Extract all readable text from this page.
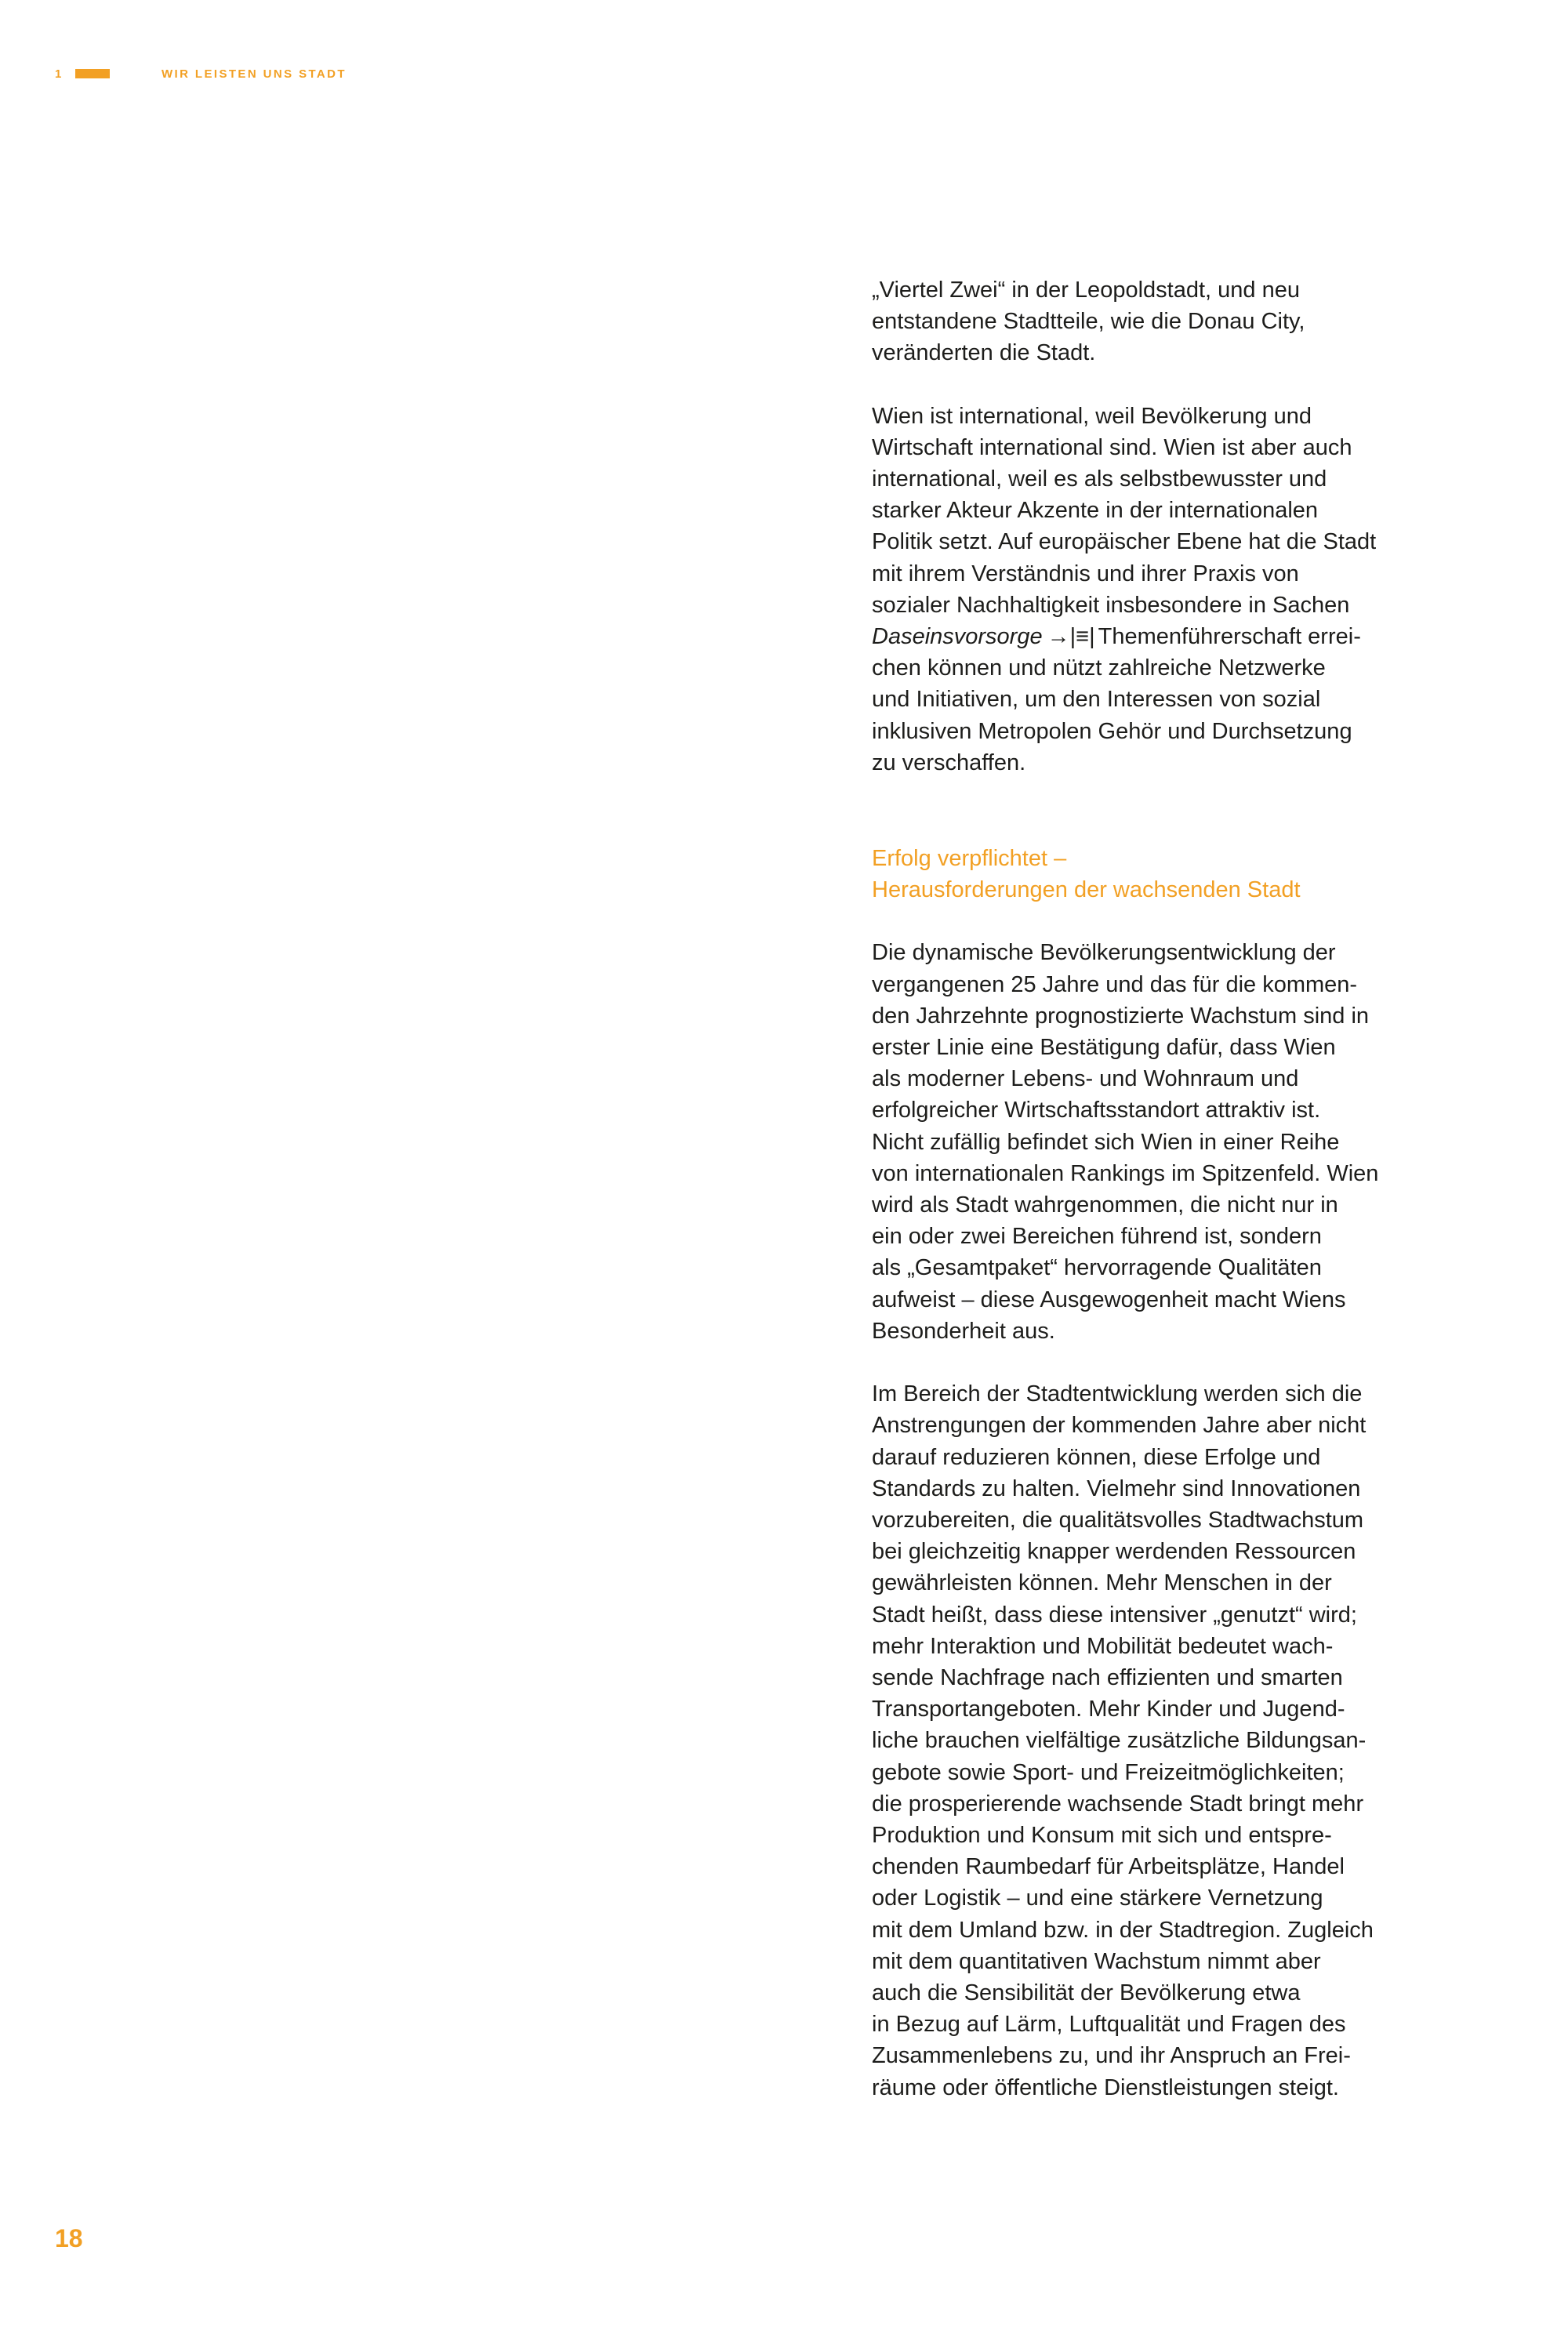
1	WIR LEISTEN UNS STADT

„Viertel Zwei“ in der Leopoldstadt, und neu
entstandene Stadtteile, wie die Donau City,
veränderten die Stadt.

Wien ist international, weil Bevölkerung und
Wirtschaft international sind. Wien ist aber auch
international, weil es als selbstbewusster und
starker Akteur Akzente in der internationalen
Politik setzt. Auf europäischer Ebene hat die Stadt
mit ihrem Verständnis und ihrer Praxis von
sozialer Nachhaltigkeit insbesondere in Sachen
Daseinsvorsorge →|≡| Themenführerschaft errei-
chen können und nützt zahlreiche Netzwerke
und Initiativen, um den Interessen von sozial
inklusiven Metropolen Gehör und Durchsetzung
zu verschaffen.

Erfolg verpflichtet –
Herausforderungen der wachsenden Stadt

Die dynamische Bevölkerungsentwicklung der
vergangenen 25 Jahre und das für die kommen-
den Jahrzehnte prognostizierte Wachstum sind in
erster Linie eine Bestätigung dafür, dass Wien
als moderner Lebens- und Wohnraum und
erfolgreicher Wirtschaftsstandort attraktiv ist.
Nicht zufällig befindet sich Wien in einer Reihe
von internationalen Rankings im Spitzenfeld. Wien
wird als Stadt wahrgenommen, die nicht nur in
ein oder zwei Bereichen führend ist, sondern
als „Gesamtpaket“ hervorragende Qualitäten
aufweist – diese Ausgewogenheit macht Wiens
Besonderheit aus.

Im Bereich der Stadtentwicklung werden sich die
Anstrengungen der kommenden Jahre aber nicht
darauf reduzieren können, diese Erfolge und
Standards zu halten. Vielmehr sind Innovationen
vorzubereiten, die qualitätsvolles Stadtwachstum
bei gleichzeitig knapper werdenden Ressourcen
gewährleisten können. Mehr Menschen in der
Stadt heißt, dass diese intensiver „genutzt“ wird;
mehr Interaktion und Mobilität bedeutet wach-
sende Nachfrage nach effizienten und smarten
Transportangeboten. Mehr Kinder und Jugend-
liche brauchen vielfältige zusätzliche Bildungsan-
gebote sowie Sport- und Freizeitmöglichkeiten;
die prosperierende wachsende Stadt bringt mehr
Produktion und Konsum mit sich und entspre-
chenden Raumbedarf für Arbeitsplätze, Handel
oder Logistik – und eine stärkere Vernetzung
mit dem Umland bzw. in der Stadtregion. Zugleich
mit dem quantitativen Wachstum nimmt aber
auch die Sensibilität der Bevölkerung etwa
in Bezug auf Lärm, Luftqualität und Fragen des
Zusammenlebens zu, und ihr Anspruch an Frei-
räume oder öffentliche Dienstleistungen steigt.

18
